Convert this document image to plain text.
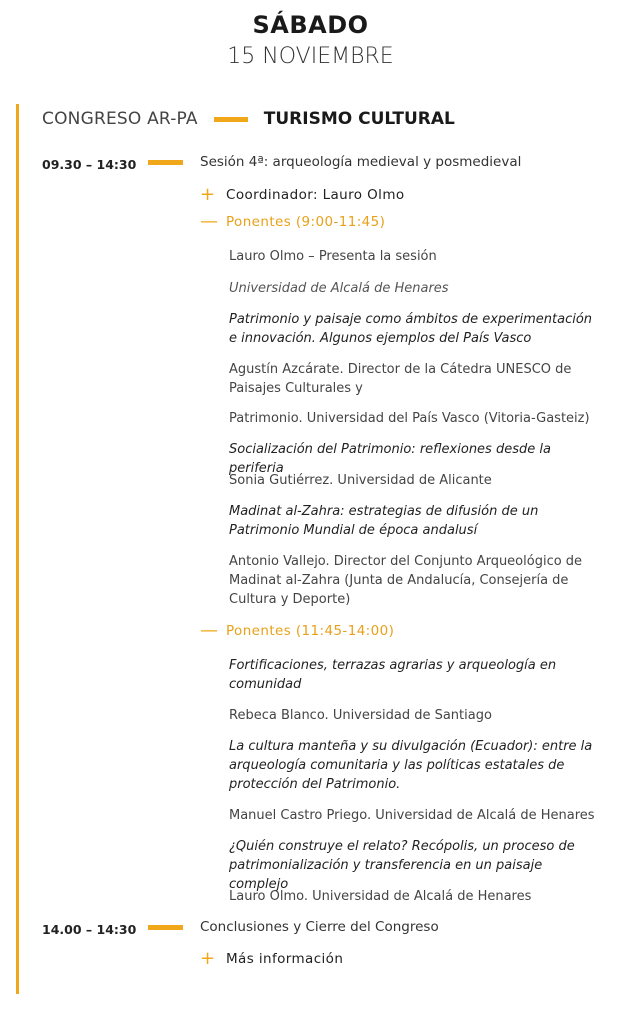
SÁBADO
15 NOVIEMBRE
CONGRESO AR-PA	TURISMO CULTURAL
09.30 – 14:30	Sesión 4ª: arqueología medieval y posmedieval
+ Coordinador: Lauro Olmo
— Ponentes (9:00-11:45)

Lauro Olmo – Presenta la sesión

Universidad de Alcalá de Henares

Patrimonio y paisaje como ámbitos de experimentación e innovación. Algunos ejemplos del País Vasco

Agustín Azcárate. Director de la Cátedra UNESCO de Paisajes Culturales y

Patrimonio. Universidad del País Vasco (Vitoria-Gasteiz)

Socialización del Patrimonio: reflexiones desde la periferia

Sonia Gutiérrez. Universidad de Alicante

Madinat al-Zahra: estrategias de difusión de un Patrimonio Mundial de época andalusí

Antonio Vallejo. Director del Conjunto Arqueológico de Madinat al-Zahra (Junta de Andalucía, Consejería de Cultura y Deporte)

— Ponentes (11:45-14:00)

Fortificaciones, terrazas agrarias y arqueología en comunidad

Rebeca Blanco. Universidad de Santiago

La cultura manteña y su divulgación (Ecuador): entre la arqueología comunitaria y las políticas estatales de protección del Patrimonio.

Manuel Castro Priego. Universidad de Alcalá de Henares

¿Quién construye el relato? Recópolis, un proceso de patrimonialización y transferencia en un paisaje complejo

Lauro Olmo. Universidad de Alcalá de Henares

14.00 – 14:30	Conclusiones y Cierre del Congreso
+ Más información
